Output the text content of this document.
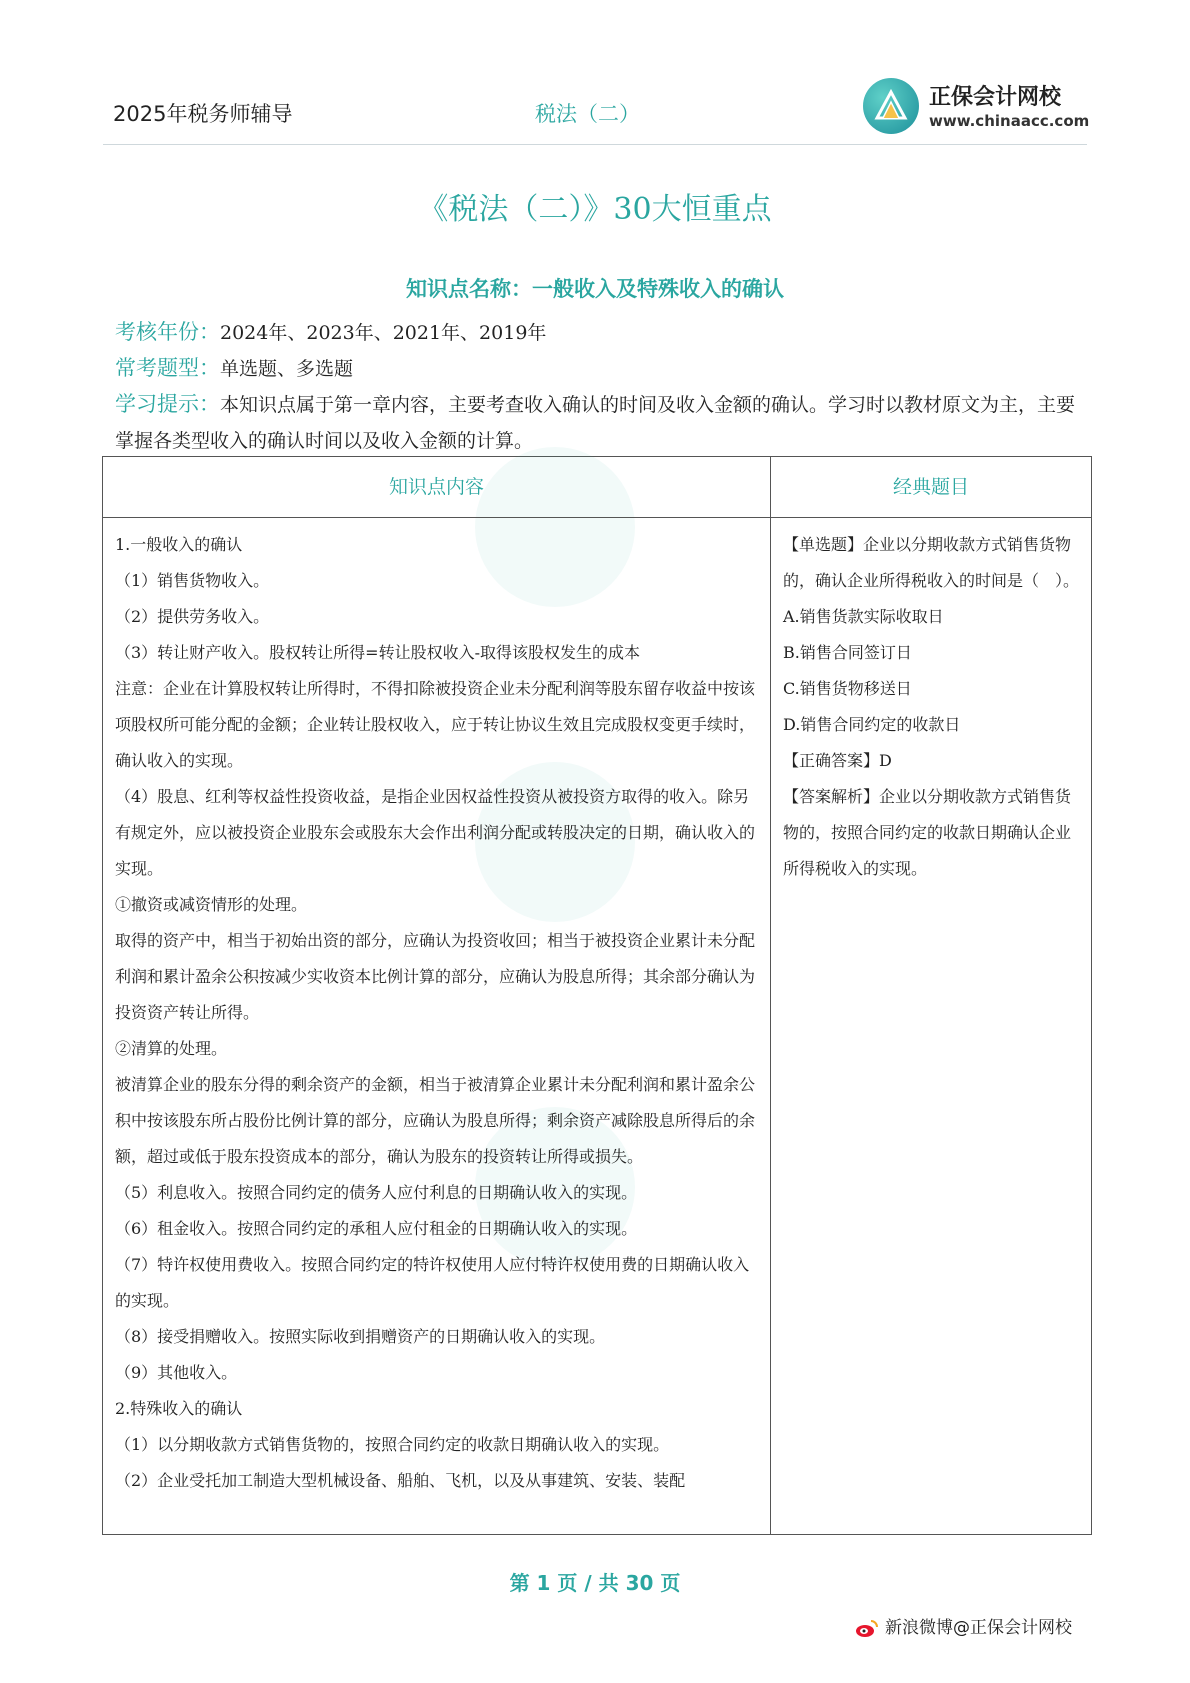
2025年税务师辅导	税法（二）
正保会计网校
www.chinaacc.com
《税法（二）》30大恒重点
知识点名称：一般收入及特殊收入的确认
考核年份：2024年、2023年、2021年、2019年
常考题型：单选题、多选题
学习提示：本知识点属于第一章内容，主要考查收入确认的时间及收入金额的确认。学习时以教材原文为主，主要掌握各类型收入的确认时间以及收入金额的计算。
知识点内容	经典题目

1.一般收入的确认

（1）销售货物收入。

（2）提供劳务收入。

（3）转让财产收入。股权转让所得=转让股权收入-取得该股权发生的成本

注意：企业在计算股权转让所得时，不得扣除被投资企业未分配利润等股东留存收益中按该项股权所可能分配的金额；企业转让股权收入，应于转让协议生效且完成股权变更手续时，确认收入的实现。

（4）股息、红利等权益性投资收益，是指企业因权益性投资从被投资方取得的收入。除另有规定外，应以被投资企业股东会或股东大会作出利润分配或转股决定的日期，确认收入的实现。

①撤资或减资情形的处理。

取得的资产中，相当于初始出资的部分，应确认为投资收回；相当于被投资企业累计未分配利润和累计盈余公积按减少实收资本比例计算的部分，应确认为股息所得；其余部分确认为投资资产转让所得。

②清算的处理。

被清算企业的股东分得的剩余资产的金额，相当于被清算企业累计未分配利润和累计盈余公积中按该股东所占股份比例计算的部分，应确认为股息所得；剩余资产减除股息所得后的余额，超过或低于股东投资成本的部分，确认为股东的投资转让所得或损失。

（5）利息收入。按照合同约定的债务人应付利息的日期确认收入的实现。

（6）租金收入。按照合同约定的承租人应付租金的日期确认收入的实现。

（7）特许权使用费收入。按照合同约定的特许权使用人应付特许权使用费的日期确认收入的实现。

（8）接受捐赠收入。按照实际收到捐赠资产的日期确认收入的实现。

（9）其他收入。

2.特殊收入的确认

（1）以分期收款方式销售货物的，按照合同约定的收款日期确认收入的实现。

（2）企业受托加工制造大型机械设备、船舶、飞机，以及从事建筑、安装、装配

【单选题】企业以分期收款方式销售货物的，确认企业所得税收入的时间是（　）。

A.销售货款实际收取日

B.销售合同签订日

C.销售货物移送日

D.销售合同约定的收款日

【正确答案】D

【答案解析】企业以分期收款方式销售货物的，按照合同约定的收款日期确认企业所得税收入的实现。

第 1 页 / 共 30 页
新浪微博@正保会计网校
